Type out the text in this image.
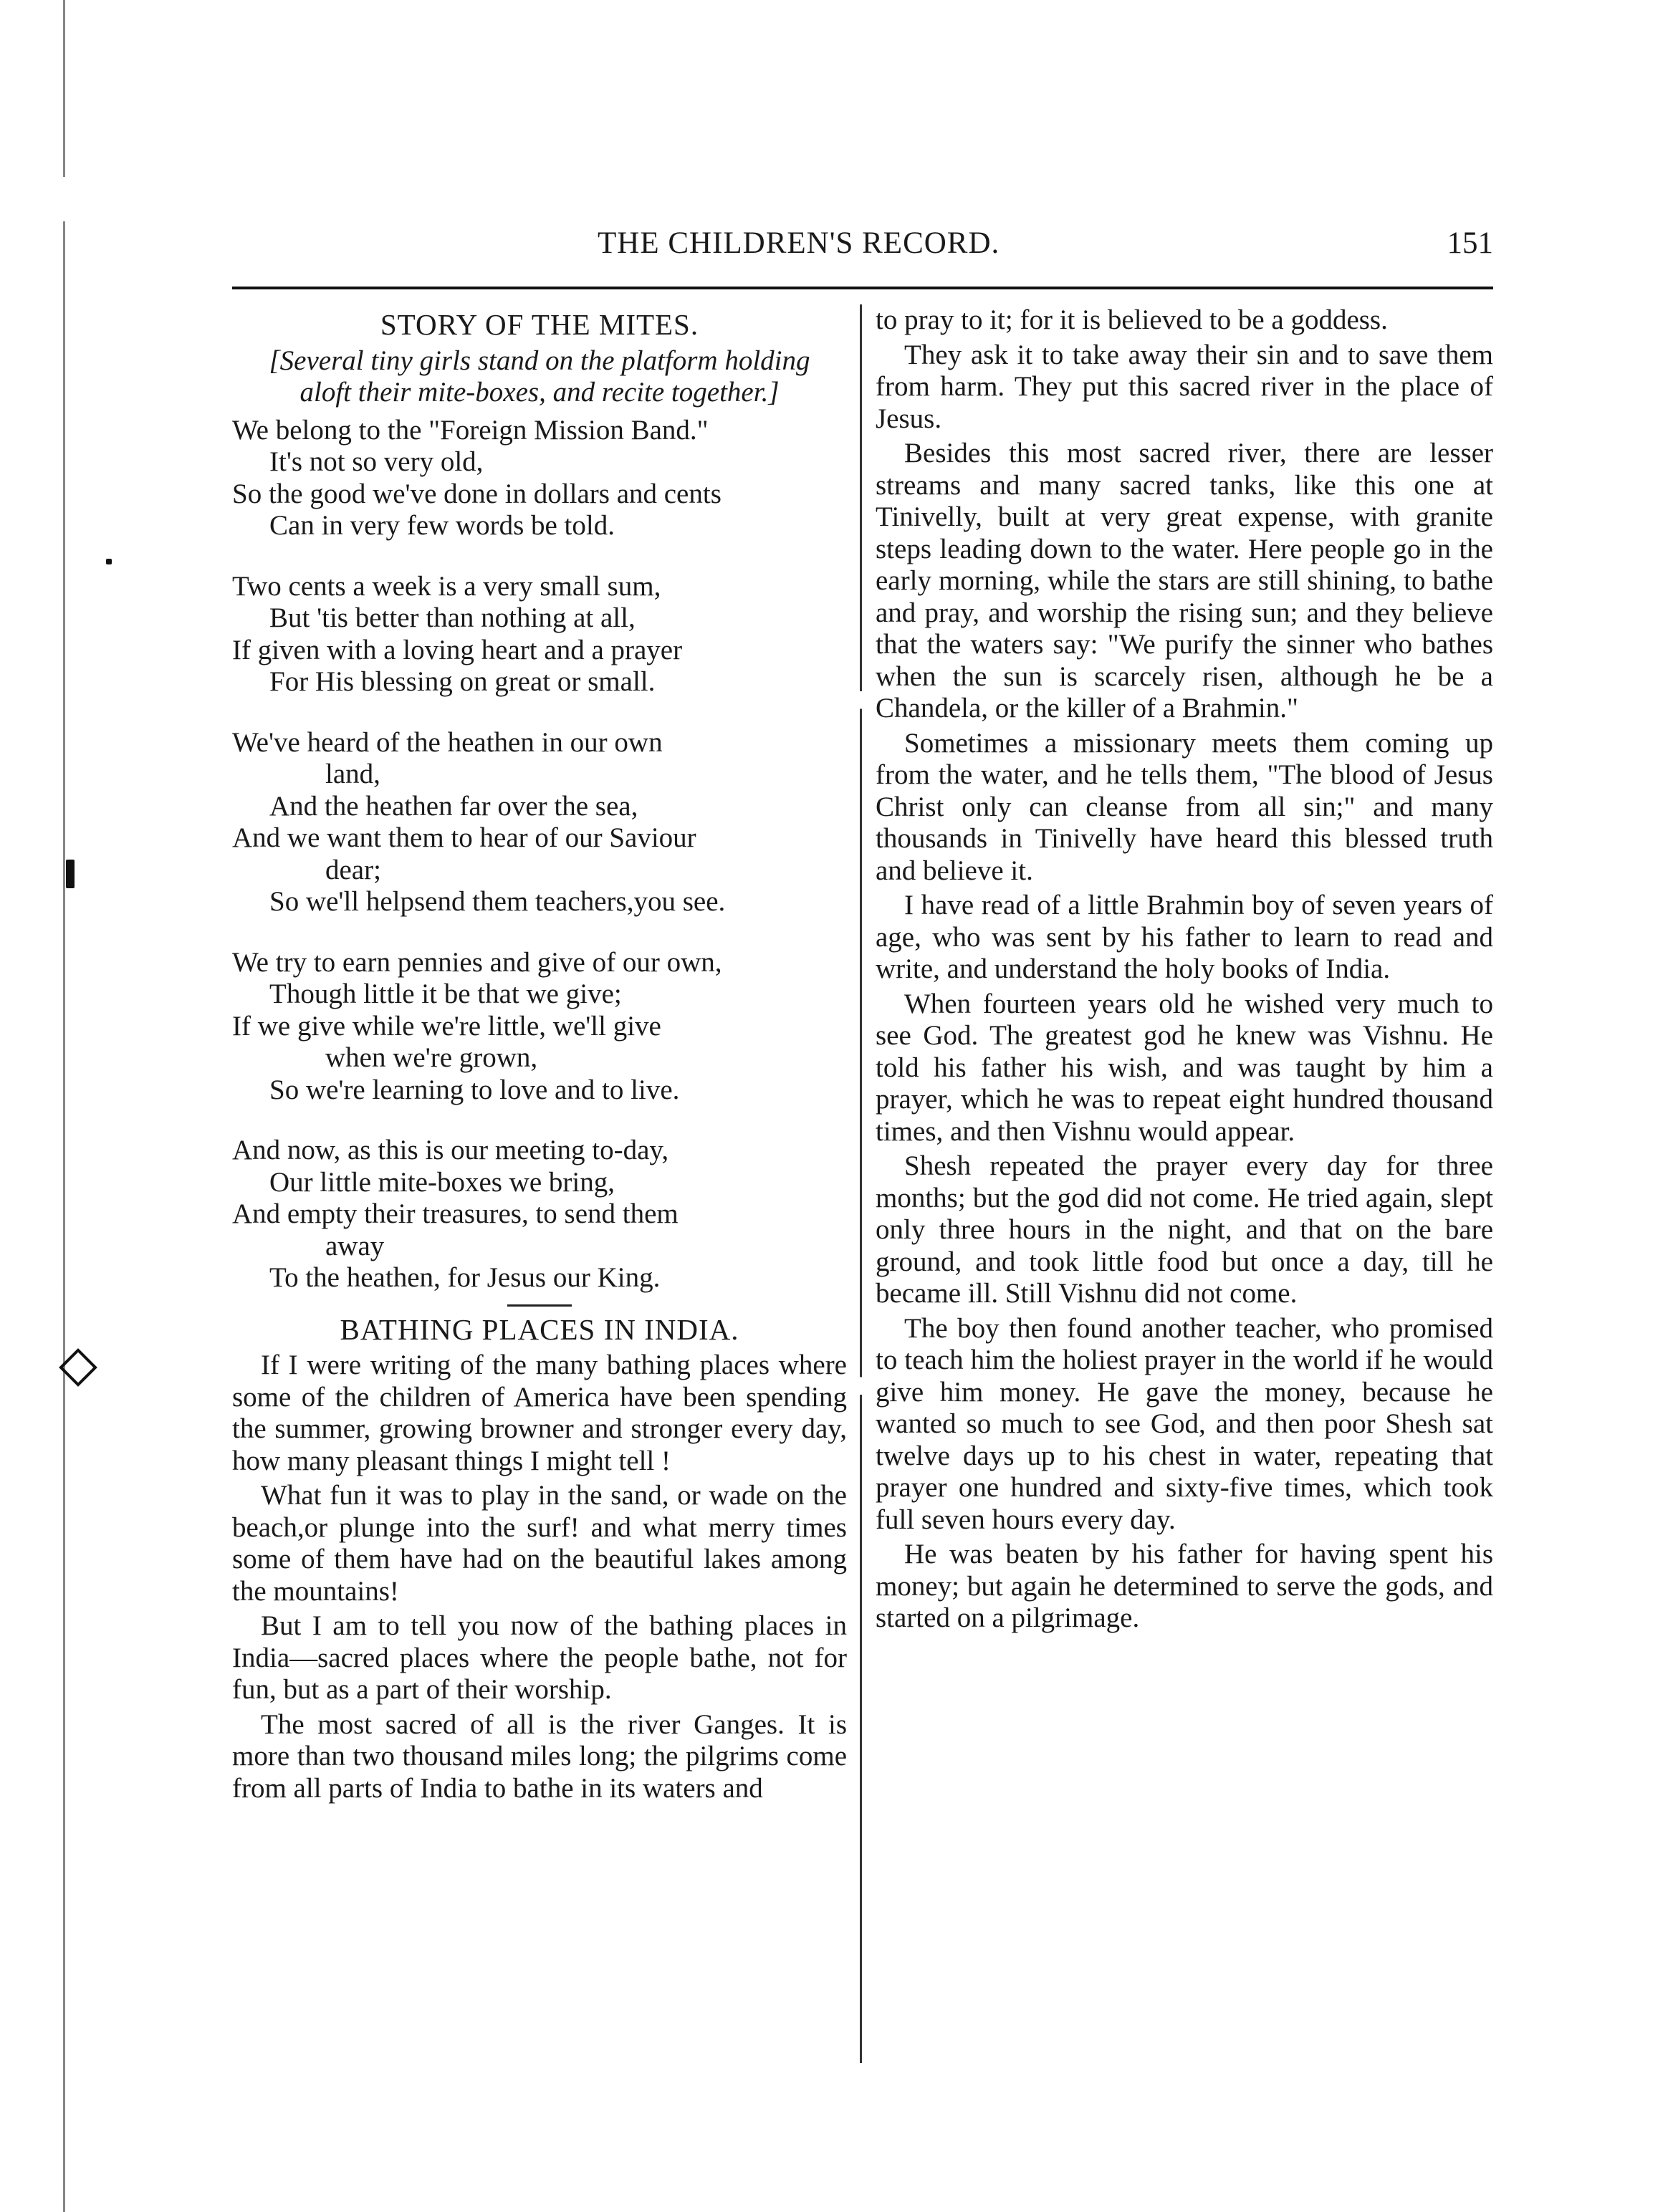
THE CHILDREN'S RECORD.	151
STORY OF THE MITES.
[Several tiny girls stand on the platform holding aloft their mite-boxes, and recite together.]
We belong to the "Foreign Mission Band."
It's not so very old,
So the good we've done in dollars and cents
Can in very few words be told.
Two cents a week is a very small sum,
But 'tis better than nothing at all,
If given with a loving heart and a prayer
For His blessing on great or small.
We've heard of the heathen in our own
land,
And the heathen far over the sea,
And we want them to hear of our Saviour
dear;
So we'll helpsend them teachers,you see.
We try to earn pennies and give of our own,
Though little it be that we give;
If we give while we're little, we'll give
when we're grown,
So we're learning to love and to live.
And now, as this is our meeting to-day,
Our little mite-boxes we bring,
And empty their treasures, to send them
away
To the heathen, for Jesus our King.
BATHING PLACES IN INDIA.

If I were writing of the many bathing places where some of the children of America have been spending the summer, growing browner and stronger every day, how many pleasant things I might tell !

What fun it was to play in the sand, or wade on the beach,or plunge into the surf! and what merry times some of them have had on the beautiful lakes among the mountains!

But I am to tell you now of the bathing places in India—sacred places where the people bathe, not for fun, but as a part of their worship.

The most sacred of all is the river Ganges. It is more than two thousand miles long; the pilgrims come from all parts of India to bathe in its waters and

to pray to it; for it is believed to be a goddess.

They ask it to take away their sin and to save them from harm. They put this sacred river in the place of Jesus.

Besides this most sacred river, there are lesser streams and many sacred tanks, like this one at Tinivelly, built at very great expense, with granite steps leading down to the water. Here people go in the early morning, while the stars are still shining, to bathe and pray, and worship the rising sun; and they believe that the waters say: "We purify the sinner who bathes when the sun is scarcely risen, although he be a Chandela, or the killer of a Brahmin."

Sometimes a missionary meets them coming up from the water, and he tells them, "The blood of Jesus Christ only can cleanse from all sin;" and many thousands in Tinivelly have heard this blessed truth and believe it.

I have read of a little Brahmin boy of seven years of age, who was sent by his father to learn to read and write, and understand the holy books of India.

When fourteen years old he wished very much to see God. The greatest god he knew was Vishnu. He told his father his wish, and was taught by him a prayer, which he was to repeat eight hundred thousand times, and then Vishnu would appear.

Shesh repeated the prayer every day for three months; but the god did not come. He tried again, slept only three hours in the night, and that on the bare ground, and took little food but once a day, till he became ill. Still Vishnu did not come.

The boy then found another teacher, who promised to teach him the holiest prayer in the world if he would give him money. He gave the money, because he wanted so much to see God, and then poor Shesh sat twelve days up to his chest in water, repeating that prayer one hundred and sixty-five times, which took full seven hours every day.

He was beaten by his father for having spent his money; but again he determined to serve the gods, and started on a pilgrimage.
